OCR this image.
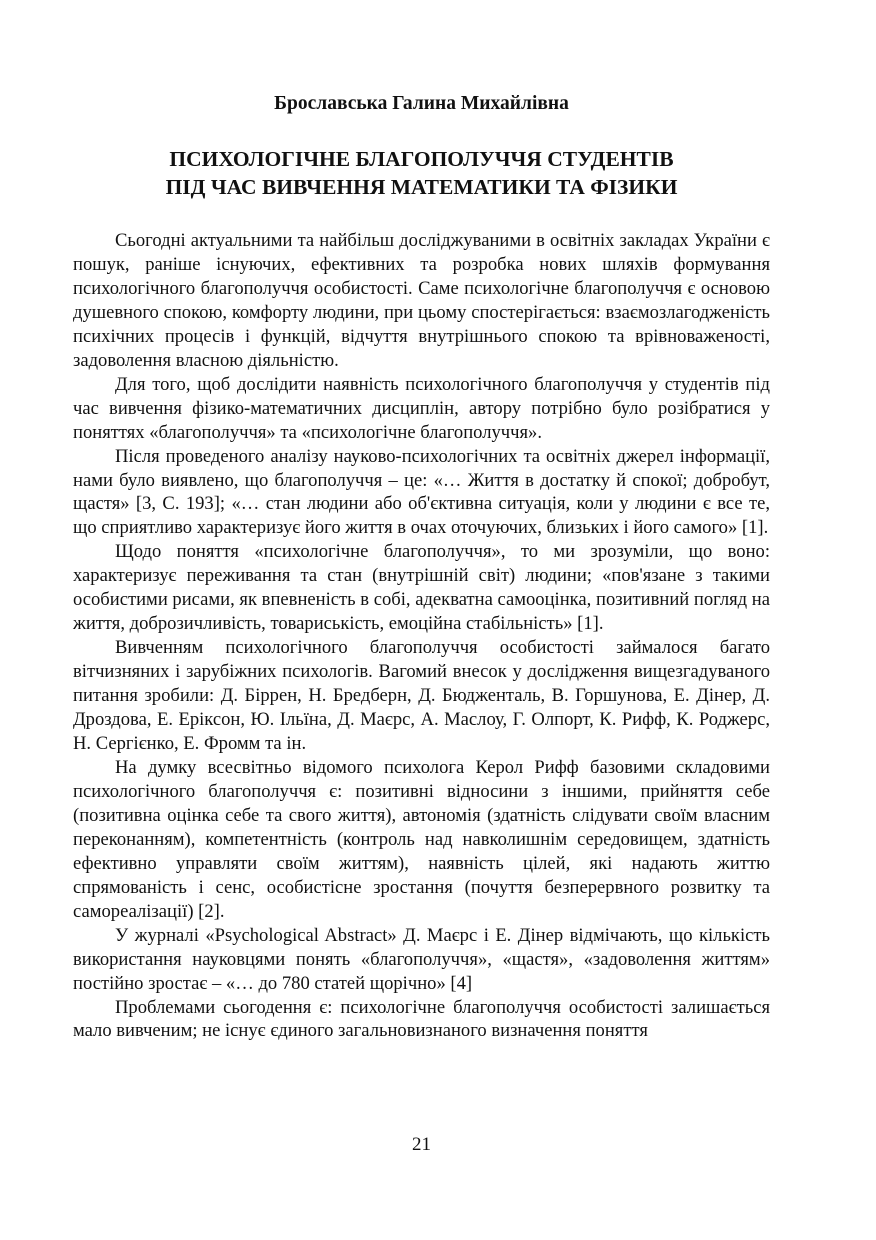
Брославська Галина Михайлівна
ПСИХОЛОГІЧНЕ БЛАГОПОЛУЧЧЯ СТУДЕНТІВ
ПІД ЧАС ВИВЧЕННЯ МАТЕМАТИКИ ТА ФІЗИКИ

Сьогодні актуальними та найбільш досліджуваними в освітніх закладах України є пошук, раніше існуючих, ефективних та розробка нових шляхів формування психологічного благополуччя особистості. Саме психологічне благополуччя є основою душевного спокою, комфорту людини, при цьому спостерігається: взаємозлагодженість психічних процесів і функцій, відчуття внутрішнього спокою та врівноваженості, задоволення власною діяльністю.

Для того, щоб дослідити наявність психологічного благополуччя у студентів під час вивчення фізико-математичних дисциплін, автору потрібно було розібратися у поняттях «благополуччя» та «психологічне благополуччя».

Після проведеного аналізу науково-психологічних та освітніх джерел інформації, нами було виявлено, що благополуччя – це: «… Життя в достатку й спокої; добробут, щастя» [3, С. 193]; «… стан людини або об'єктивна ситуація, коли у людини є все те, що сприятливо характеризує його життя в очах оточуючих, близьких і його самого» [1].

Щодо поняття «психологічне благополуччя», то ми зрозуміли, що воно: характеризує переживання та стан (внутрішній світ) людини; «пов'язане з такими особистими рисами, як впевненість в собі, адекватна самооцінка, позитивний погляд на життя, доброзичливість, товариськість, емоційна стабільність» [1].

Вивченням психологічного благополуччя особистості займалося багато вітчизняних і зарубіжних психологів. Вагомий внесок у дослідження вищезгадуваного питання зробили: Д. Біррен, Н. Бредберн, Д. Бюдженталь, В. Горшунова, Е. Дінер, Д. Дроздова, Е. Еріксон, Ю. Ільїна, Д. Маєрс, А. Маслоу, Г. Олпорт, К. Рифф, К. Роджерс, Н. Сергієнко, Е. Фромм та ін.

На думку всесвітньо відомого психолога Керол Рифф базовими складовими психологічного благополуччя є: позитивні відносини з іншими, прийняття себе (позитивна оцінка себе та свого життя), автономія (здатність слідувати своїм власним переконанням), компетентність (контроль над навколишнім середовищем, здатність ефективно управляти своїм життям), наявність цілей, які надають життю спрямованість і сенс, особистісне зростання (почуття безперервного розвитку та самореалізації) [2].

У журналі «Psychological Abstract» Д. Маєрс і Е. Дінер відмічають, що кількість використання науковцями понять «благополуччя», «щастя», «задоволення життям» постійно зростає – «… до 780 статей щорічно» [4]

Проблемами сьогодення є: психологічне благополуччя особистості залишається мало вивченим; не існує єдиного загальновизнаного визначення поняття

21
